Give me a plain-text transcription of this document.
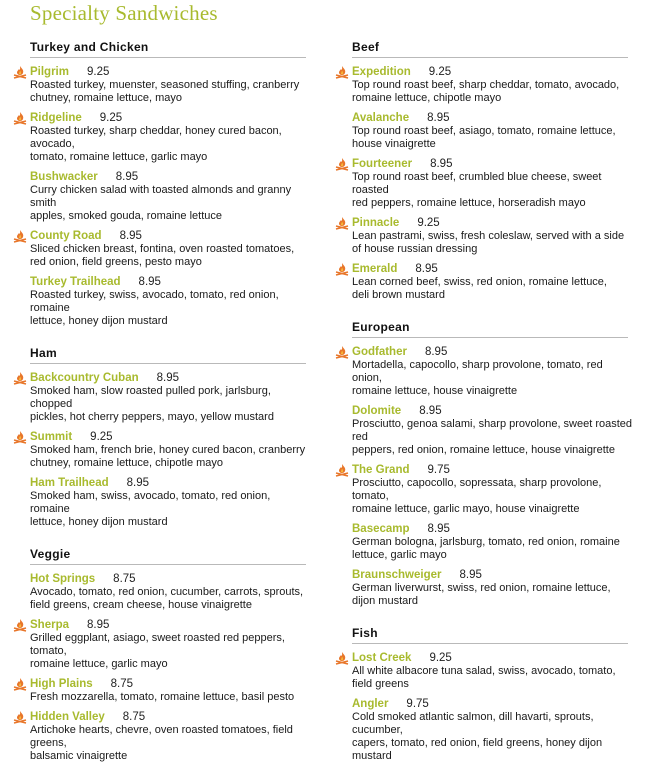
Specialty Sandwiches
Turkey and Chicken
Pilgrim 9.25
Roasted turkey, muenster, seasoned stuffing, cranberry
chutney, romaine lettuce, mayo
Ridgeline 9.25
Roasted turkey, sharp cheddar, honey cured bacon, avocado,
tomato, romaine lettuce, garlic mayo
Bushwacker 8.95
Curry chicken salad with toasted almonds and granny smith
apples, smoked gouda, romaine lettuce
County Road 8.95
Sliced chicken breast, fontina, oven roasted tomatoes,
red onion, field greens, pesto mayo
Turkey Trailhead 8.95
Roasted turkey, swiss, avocado, tomato, red onion, romaine
lettuce, honey dijon mustard
Ham
Backcountry Cuban 8.95
Smoked ham, slow roasted pulled pork, jarlsburg, chopped
pickles, hot cherry peppers, mayo, yellow mustard
Summit 9.25
Smoked ham, french brie, honey cured bacon, cranberry
chutney, romaine lettuce, chipotle mayo
Ham Trailhead 8.95
Smoked ham, swiss, avocado, tomato, red onion, romaine
lettuce, honey dijon mustard
Veggie
Hot Springs 8.75
Avocado, tomato, red onion, cucumber, carrots, sprouts,
field greens, cream cheese, house vinaigrette
Sherpa 8.95
Grilled eggplant, asiago, sweet roasted red peppers, tomato,
romaine lettuce, garlic mayo
High Plains 8.75
Fresh mozzarella, tomato, romaine lettuce, basil pesto
Hidden Valley 8.75
Artichoke hearts, chevre, oven roasted tomatoes, field greens,
balsamic vinaigrette
Beef
Expedition 9.25
Top round roast beef, sharp cheddar, tomato, avocado,
romaine lettuce, chipotle mayo
Avalanche 8.95
Top round roast beef, asiago, tomato, romaine lettuce,
house vinaigrette
Fourteener 8.95
Top round roast beef, crumbled blue cheese, sweet roasted
red peppers, romaine lettuce, horseradish mayo
Pinnacle 9.25
Lean pastrami, swiss, fresh coleslaw, served with a side
of house russian dressing
Emerald 8.95
Lean corned beef, swiss, red onion, romaine lettuce,
deli brown mustard
European
Godfather 8.95
Mortadella, capocollo, sharp provolone, tomato, red onion,
romaine lettuce, house vinaigrette
Dolomite 8.95
Prosciutto, genoa salami, sharp provolone, sweet roasted red
peppers, red onion, romaine lettuce, house vinaigrette
The Grand 9.75
Prosciutto, capocollo, sopressata, sharp provolone, tomato,
romaine lettuce, garlic mayo, house vinaigrette
Basecamp 8.95
German bologna, jarlsburg, tomato, red onion, romaine
lettuce, garlic mayo
Braunschweiger 8.95
German liverwurst, swiss, red onion, romaine lettuce,
dijon mustard
Fish
Lost Creek 9.25
All white albacore tuna salad, swiss, avocado, tomato,
field greens
Angler 9.75
Cold smoked atlantic salmon, dill havarti, sprouts, cucumber,
capers, tomato, red onion, field greens, honey dijon mustard
